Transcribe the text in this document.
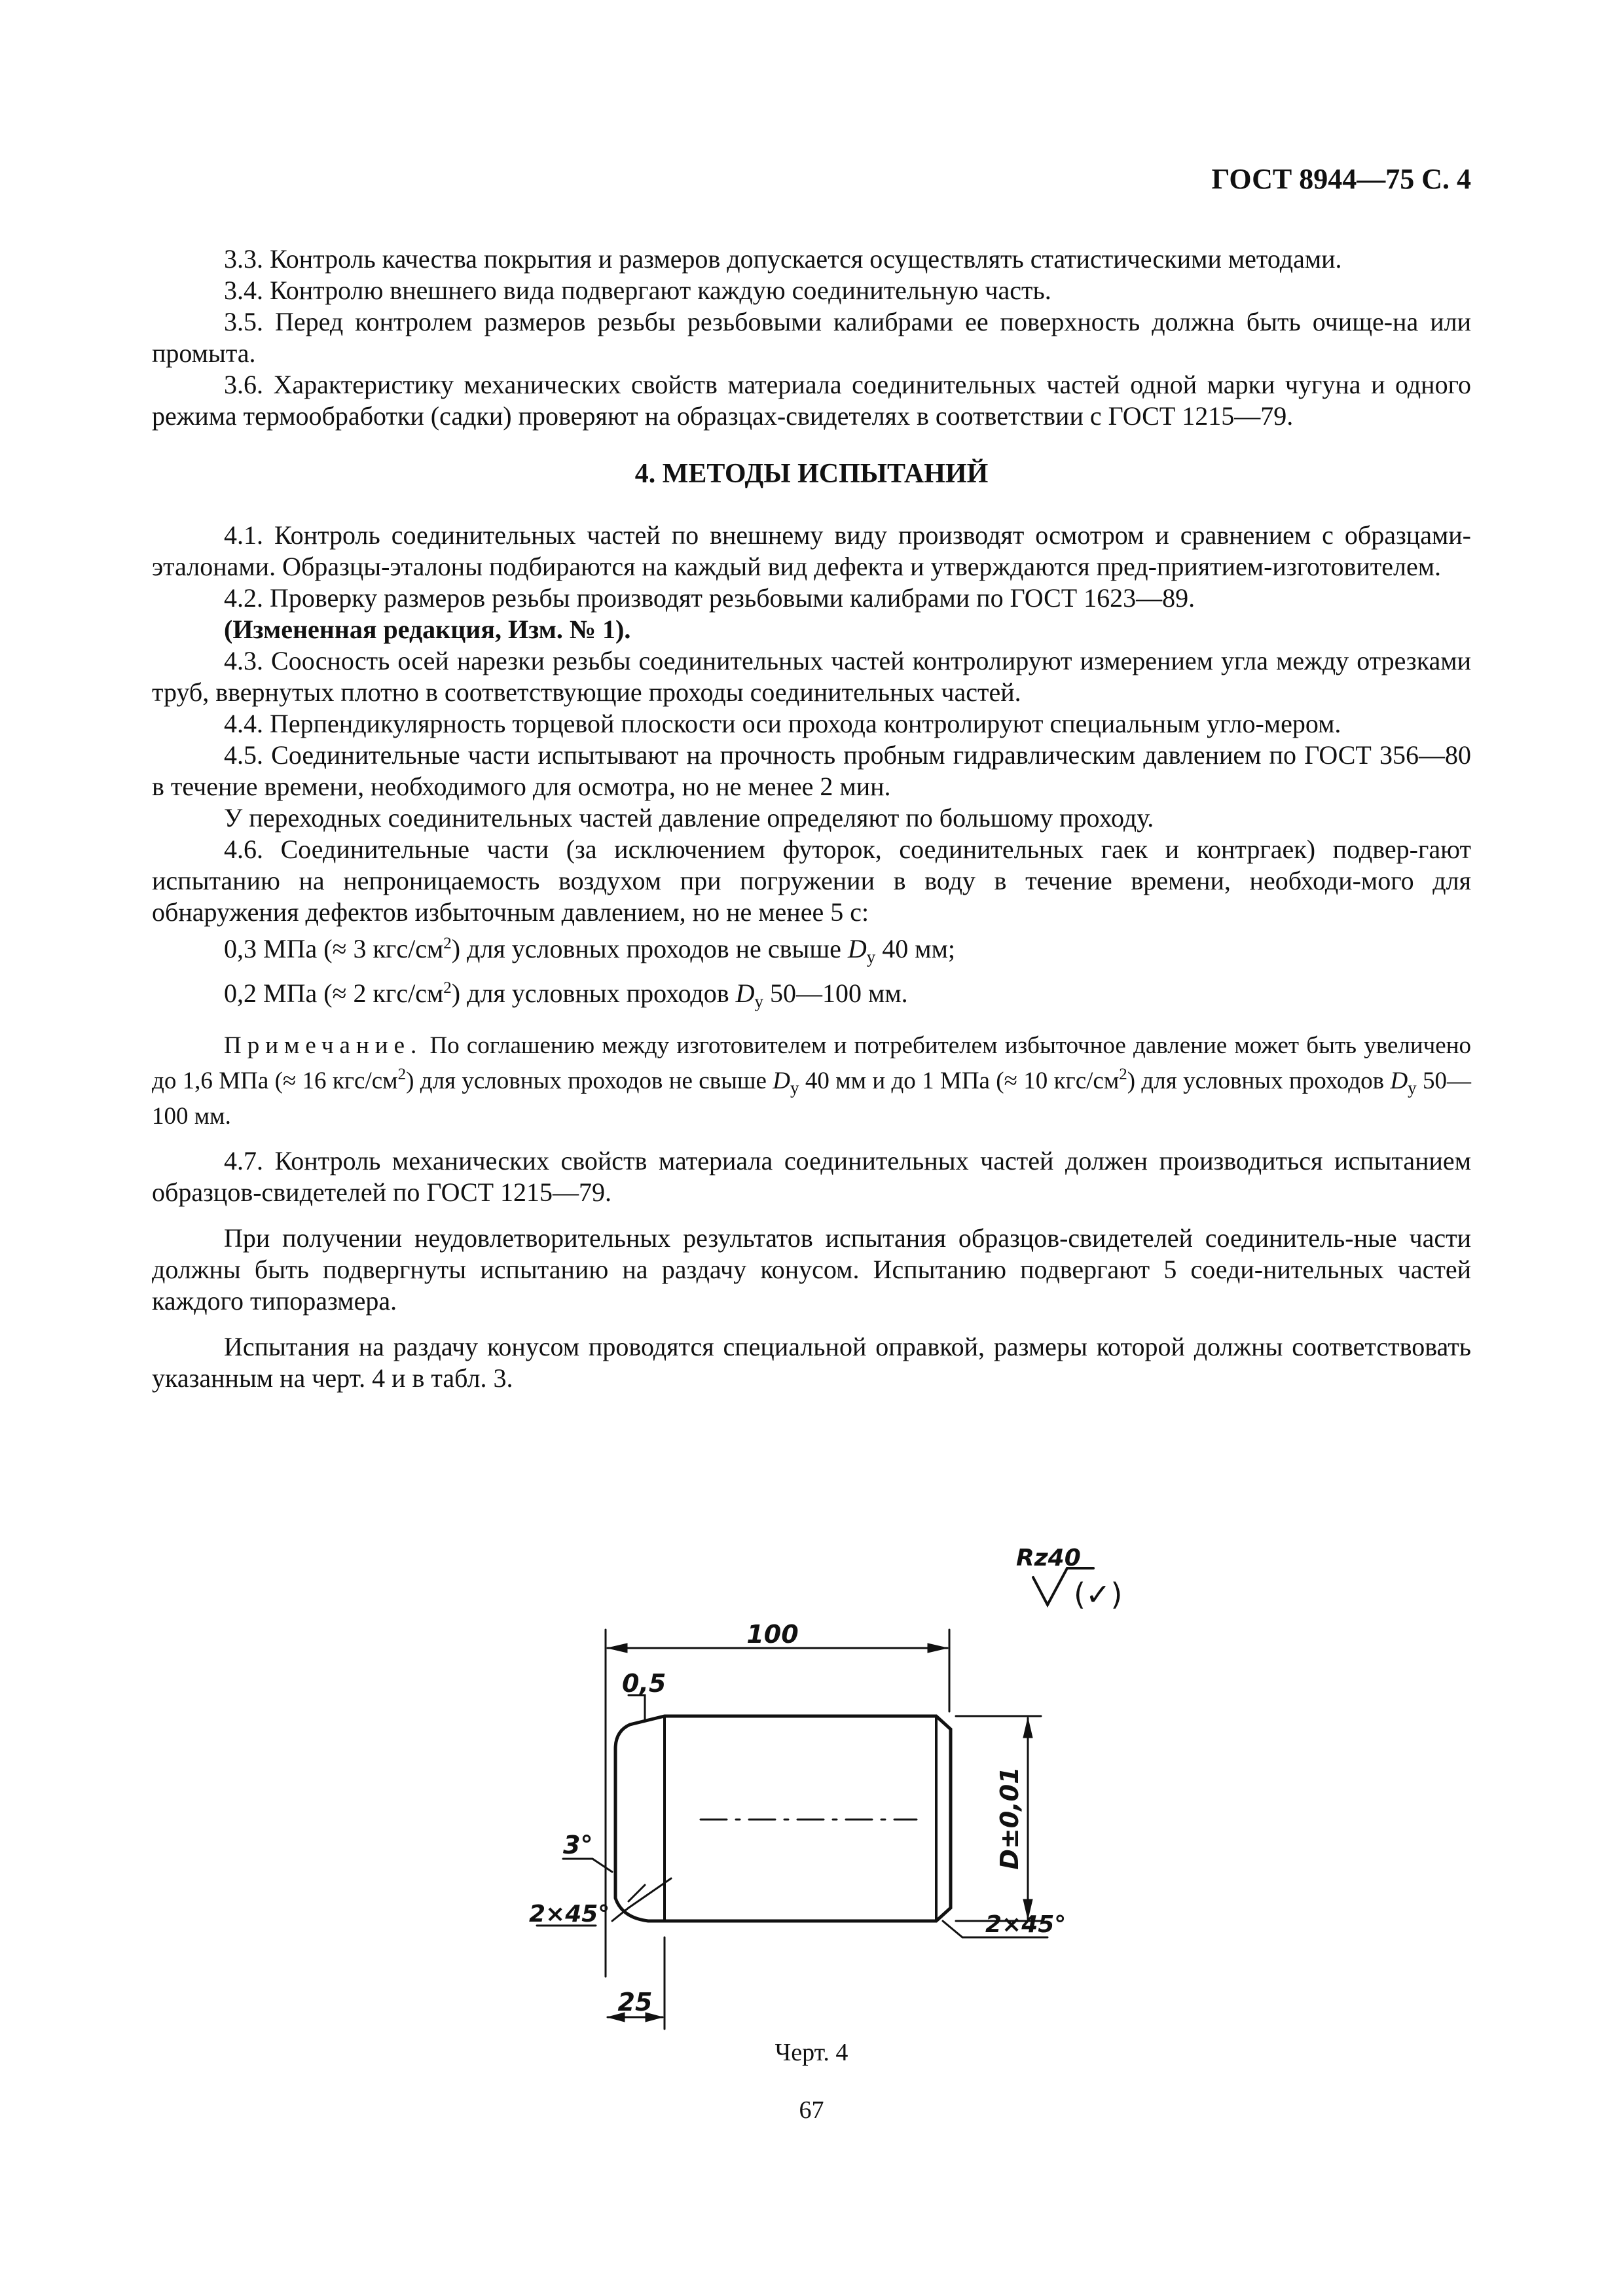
ГОСТ 8944—75 С. 4

3.3. Контроль качества покрытия и размеров допускается осуществлять статистическими методами.

3.4. Контролю внешнего вида подвергают каждую соединительную часть.

3.5. Перед контролем размеров резьбы резьбовыми калибрами ее поверхность должна быть очище-на или промыта.

3.6. Характеристику механических свойств материала соединительных частей одной марки чугуна и одного режима термообработки (садки) проверяют на образцах-свидетелях в соответствии с ГОСТ 1215—79.

4. МЕТОДЫ ИСПЫТАНИЙ

4.1. Контроль соединительных частей по внешнему виду производят осмотром и сравнением с образцами-эталонами. Образцы-эталоны подбираются на каждый вид дефекта и утверждаются пред-приятием-изготовителем.

4.2. Проверку размеров резьбы производят резьбовыми калибрами по ГОСТ 1623—89.

(Измененная редакция, Изм. № 1).

4.3. Соосность осей нарезки резьбы соединительных частей контролируют измерением угла между отрезками труб, ввернутых плотно в соответствующие проходы соединительных частей.

4.4. Перпендикулярность торцевой плоскости оси прохода контролируют специальным угло-мером.

4.5. Соединительные части испытывают на прочность пробным гидравлическим давлением по ГОСТ 356—80 в течение времени, необходимого для осмотра, но не менее 2 мин.

У переходных соединительных частей давление определяют по большому проходу.

4.6. Соединительные части (за исключением футорок, соединительных гаек и контргаек) подвер-гают испытанию на непроницаемость воздухом при погружении в воду в течение времени, необходи-мого для обнаружения дефектов избыточным давлением, но не менее 5 с:

0,3 МПа (≈ 3 кгс/$см^2$) для условных проходов не свыше $D_у$ 40 мм;

0,2 МПа (≈ 2 кгс/$см^2$) для условных проходов $D_у$ 50—100 мм.

Примечание. По соглашению между изготовителем и потребителем избыточное давление может быть увеличено до 1,6 МПа (≈ 16 кгс/$см^2$) для условных проходов не свыше $D_у$ 40 мм и до 1 МПа (≈ 10 кгс/$см^2$) для условных проходов $D_у$ 50—100 мм.

4.7. Контроль механических свойств материала соединительных частей должен производиться испытанием образцов-свидетелей по ГОСТ 1215—79.

При получении неудовлетворительных результатов испытания образцов-свидетелей соединитель-ные части должны быть подвергнуты испытанию на раздачу конусом. Испытанию подвергают 5 соеди-нительных частей каждого типоразмера.

Испытания на раздачу конусом проводятся специальной оправкой, размеры которой должны соответствовать указанным на черт. 4 и в табл. 3.

Rz40
(✓)
100
0,5
D±0,01
3°
2×45°	2×45°
25
Черт. 4
67
